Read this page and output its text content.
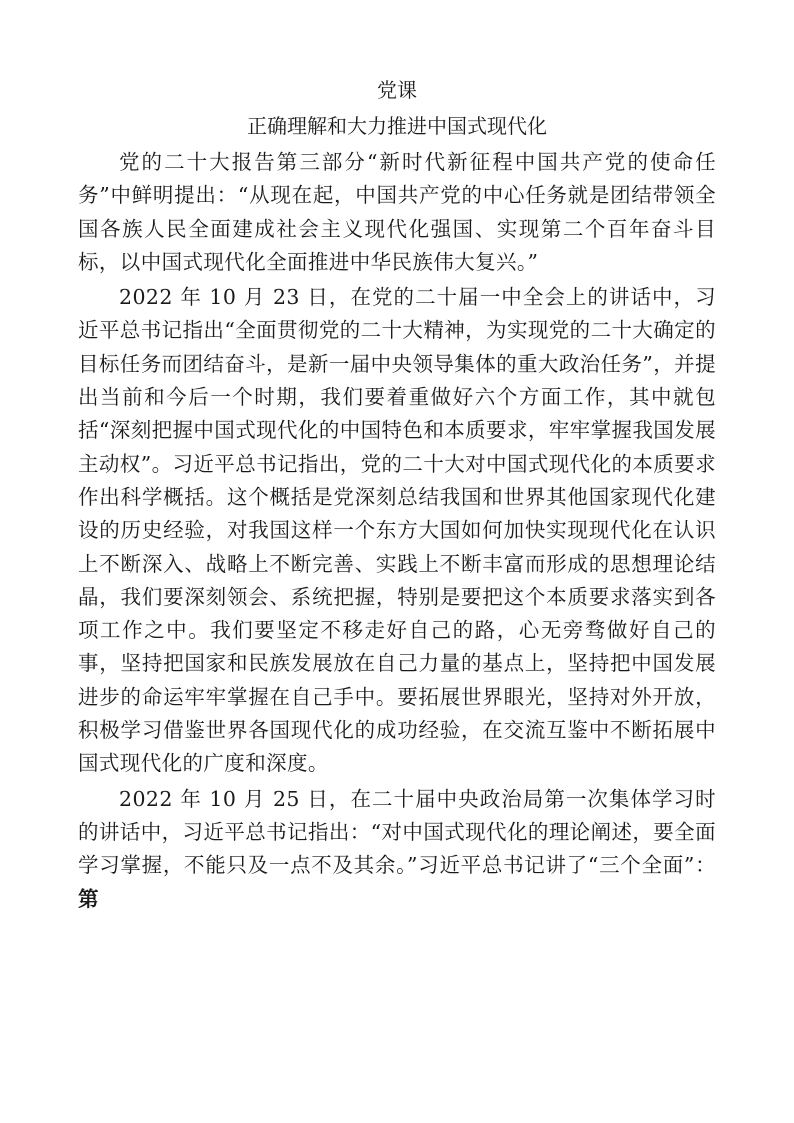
党课
正确理解和大力推进中国式现代化

党的二十大报告第三部分“新时代新征程中国共产党的使命任务”中鲜明提出：“从现在起，中国共产党的中心任务就是团结带领全国各族人民全面建成社会主义现代化强国、实现第二个百年奋斗目标，以中国式现代化全面推进中华民族伟大复兴。”

2022 年 10 月 23 日，在党的二十届一中全会上的讲话中，习近平总书记指出“全面贯彻党的二十大精神，为实现党的二十大确定的目标任务而团结奋斗，是新一届中央领导集体的重大政治任务”，并提出当前和今后一个时期，我们要着重做好六个方面工作，其中就包括“深刻把握中国式现代化的中国特色和本质要求，牢牢掌握我国发展主动权”。习近平总书记指出，党的二十大对中国式现代化的本质要求作出科学概括。这个概括是党深刻总结我国和世界其他国家现代化建设的历史经验，对我国这样一个东方大国如何加快实现现代化在认识上不断深入、战略上不断完善、实践上不断丰富而形成的思想理论结晶，我们要深刻领会、系统把握，特别是要把这个本质要求落实到各项工作之中。我们要坚定不移走好自己的路，心无旁骛做好自己的事，坚持把国家和民族发展放在自己力量的基点上，坚持把中国发展进步的命运牢牢掌握在自己手中。要拓展世界眼光，坚持对外开放，积极学习借鉴世界各国现代化的成功经验，在交流互鉴中不断拓展中国式现代化的广度和深度。

2022 年 10 月 25 日，在二十届中央政治局第一次集体学习时的讲话中，习近平总书记指出：“对中国式现代化的理论阐述，要全面学习掌握，不能只及一点不及其余。”习近平总书记讲了“三个全面”：第
